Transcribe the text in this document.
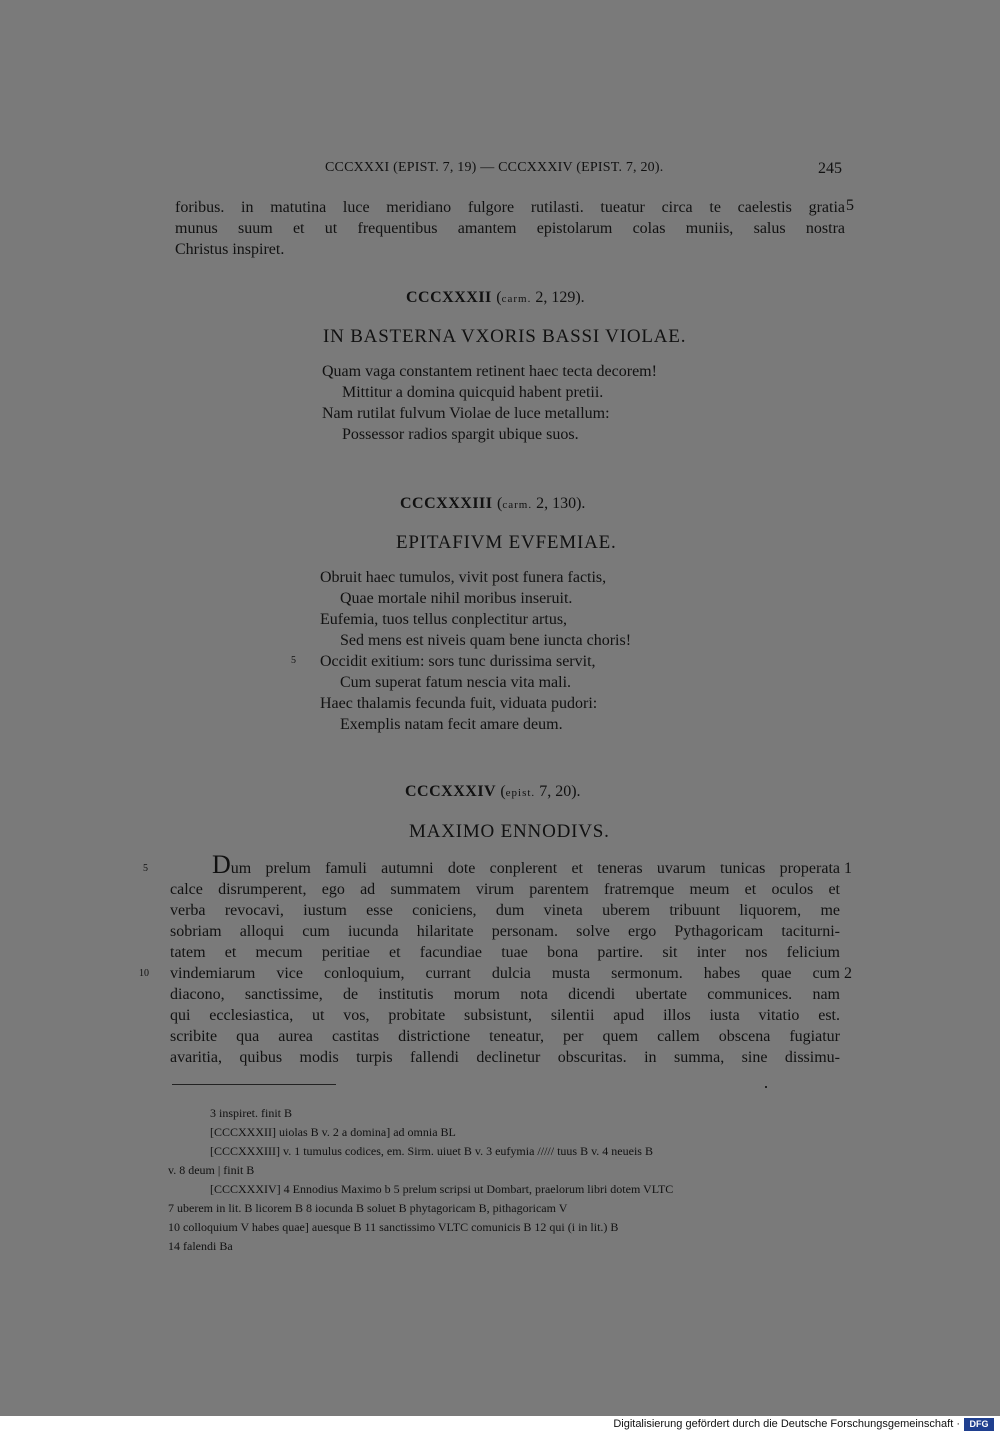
CCCXXXI (EPIST. 7, 19) — CCCXXXIV (EPIST. 7, 20).	245
foribus. in matutina luce meridiano fulgore rutilasti. tueatur circa te caelestis gratia
munus suum et ut frequentibus amantem epistolarum colas muniis, salus nostra
Christus inspiret.
5
CCCXXXII (carm. 2, 129).
IN BASTERNA VXORIS BASSI VIOLAE.
Quam vaga constantem retinent haec tecta decorem!
Mittitur a domina quicquid habent pretii.
Nam rutilat fulvum Violae de luce metallum:
Possessor radios spargit ubique suos.
CCCXXXIII (carm. 2, 130).
EPITAFIVM EVFEMIAE.
Obruit haec tumulos, vivit post funera factis,
Quae mortale nihil moribus inseruit.
Eufemia, tuos tellus conplectitur artus,
Sed mens est niveis quam bene iuncta choris!
Occidit exitium: sors tunc durissima servit,
Cum superat fatum nescia vita mali.
Haec thalamis fecunda fuit, viduata pudori:
Exemplis natam fecit amare deum.
5
CCCXXXIV (epist. 7, 20).
MAXIMO ENNODIVS.
Dum prelum famuli autumni dote conplerent et teneras uvarum tunicas properata
calce disrumperent, ego ad summatem virum parentem fratremque meum et oculos et
verba revocavi, iustum esse coniciens, dum vineta uberem tribuunt liquorem, me
sobriam alloqui cum iucunda hilaritate personam. solve ergo Pythagoricam taciturni-
tatem et mecum peritiae et facundiae tuae bona partire. sit inter nos felicium
vindemiarum vice conloquium, currant dulcia musta sermonum. habes quae cum
diacono, sanctissime, de institutis morum nota dicendi ubertate communices. nam
qui ecclesiastica, ut vos, probitate subsistunt, silentii apud illos iusta vitatio est.
scribite qua aurea castitas districtione teneatur, per quem callem obscena fugiatur
avaritia, quibus modis turpis fallendi declinetur obscuritas. in summa, sine dissimu-
5
10
1
2
3 inspiret. finit B
[CCCXXXII] uiolas B v. 2 a domina] ad omnia BL
[CCCXXXIII] v. 1 tumulus codices, em. Sirm. uiuet B v. 3 eufymia ///// tuus B v. 4 neueis B
v. 8 deum | finit B
[CCCXXXIV] 4 Ennodius Maximo b 5 prelum scripsi ut Dombart, praelorum libri dotem VLTC
7 uberem in lit. B licorem B 8 iocunda B soluet B phytagoricam B, pithagoricam V
10 colloquium V habes quae] auesque B 11 sanctissimo VLTC comunicis B 12 qui (i in lit.) B
14 falendi Ba
Digitalisierung gefördert durch die Deutsche Forschungsgemeinschaft ·	DFG
